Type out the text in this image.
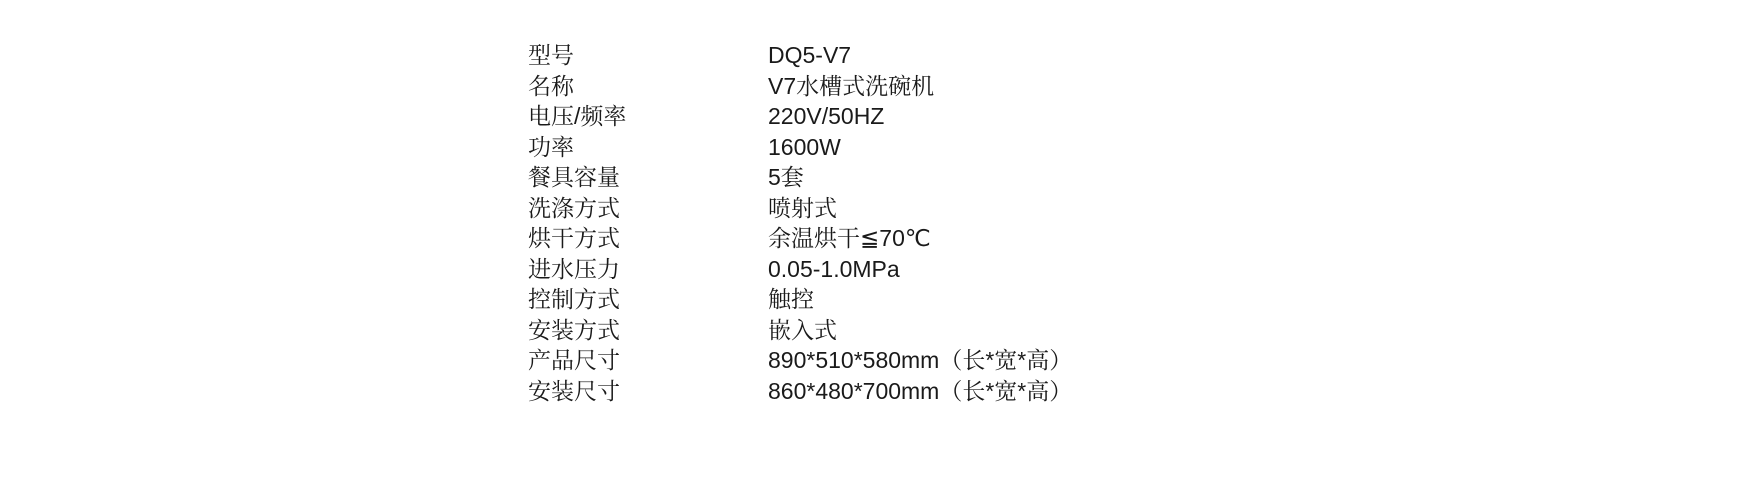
型号	DQ5-V7
名称	V7水槽式洗碗机
电压/频率	220V/50HZ
功率	1600W
餐具容量	5套
洗涤方式	喷射式
烘干方式	余温烘干≦70℃
进水压力	0.05-1.0MPa
控制方式	触控
安装方式	嵌入式
产品尺寸	890*510*580mm（长*宽*高）
安装尺寸	860*480*700mm（长*宽*高）
